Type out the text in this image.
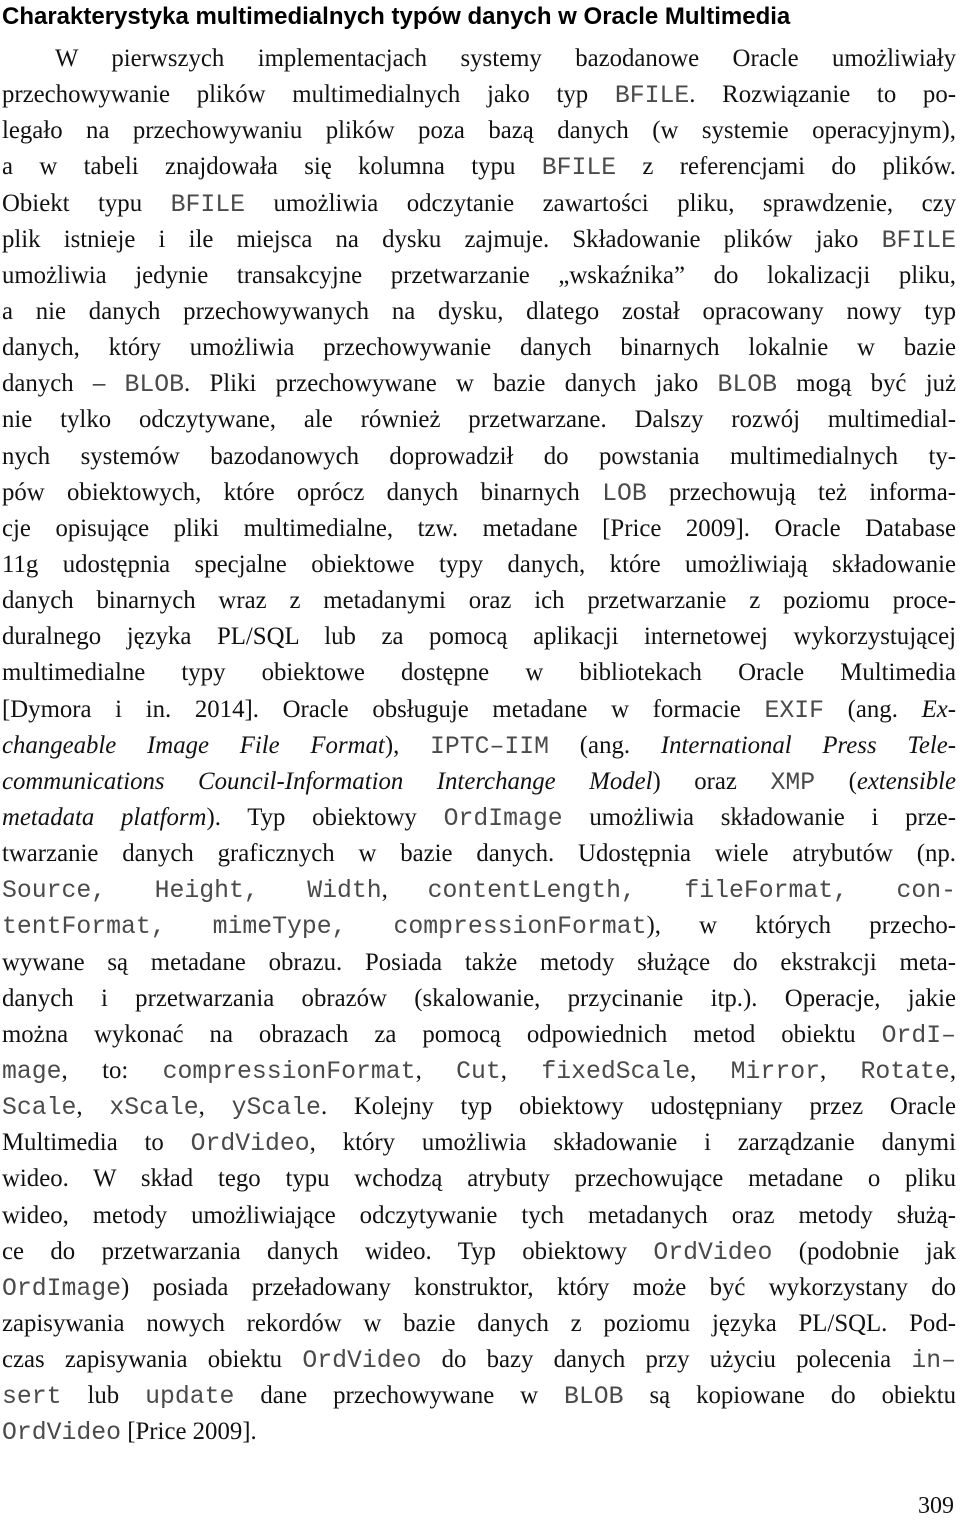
Charakterystyka multimedialnych typów danych w Oracle Multimedia
W pierwszych implementacjach systemy bazodanowe Oracle umożliwiały
przechowywanie plików multimedialnych jako typ BFILE. Rozwiązanie to po-
legało na przechowywaniu plików poza bazą danych (w systemie operacyjnym),
a w tabeli znajdowała się kolumna typu BFILE z referencjami do plików.
Obiekt typu BFILE umożliwia odczytanie zawartości pliku, sprawdzenie, czy
plik istnieje i ile miejsca na dysku zajmuje. Składowanie plików jako BFILE
umożliwia jedynie transakcyjne przetwarzanie „wskaźnika” do lokalizacji pliku,
a nie danych przechowywanych na dysku, dlatego został opracowany nowy typ
danych, który umożliwia przechowywanie danych binarnych lokalnie w bazie
danych – BLOB. Pliki przechowywane w bazie danych jako BLOB mogą być już
nie tylko odczytywane, ale również przetwarzane. Dalszy rozwój multimedial-
nych systemów bazodanowych doprowadził do powstania multimedialnych ty-
pów obiektowych, które oprócz danych binarnych LOB przechowują też informa-
cje opisujące pliki multimedialne, tzw. metadane [Price 2009]. Oracle Database
11g udostępnia specjalne obiektowe typy danych, które umożliwiają składowanie
danych binarnych wraz z metadanymi oraz ich przetwarzanie z poziomu proce-
duralnego języka PL/SQL lub za pomocą aplikacji internetowej wykorzystującej
multimedialne typy obiektowe dostępne w bibliotekach Oracle Multimedia
[Dymora i in. 2014]. Oracle obsługuje metadane w formacie EXIF (ang. Ex-
changeable Image File Format), IPTC–IIM (ang. International Press Tele-
communications Council-Information Interchange Model) oraz XMP (extensible
metadata platform). Typ obiektowy OrdImage umożliwia składowanie i prze-
twarzanie danych graficznych w bazie danych. Udostępnia wiele atrybutów (np.
Source, Height, Width, contentLength, fileFormat, con-
tentFormat, mimeType, compressionFormat), w których przecho-
wywane są metadane obrazu. Posiada także metody służące do ekstrakcji meta-
danych i przetwarzania obrazów (skalowanie, przycinanie itp.). Operacje, jakie
można wykonać na obrazach za pomocą odpowiednich metod obiektu OrdI–
mage, to: compressionFormat, Cut, fixedScale, Mirror, Rotate,
Scale, xScale, yScale. Kolejny typ obiektowy udostępniany przez Oracle
Multimedia to OrdVideo, który umożliwia składowanie i zarządzanie danymi
wideo. W skład tego typu wchodzą atrybuty przechowujące metadane o pliku
wideo, metody umożliwiające odczytywanie tych metadanych oraz metody służą-
ce do przetwarzania danych wideo. Typ obiektowy OrdVideo (podobnie jak
OrdImage) posiada przeładowany konstruktor, który może być wykorzystany do
zapisywania nowych rekordów w bazie danych z poziomu języka PL/SQL. Pod-
czas zapisywania obiektu OrdVideo do bazy danych przy użyciu polecenia in–
sert lub update dane przechowywane w BLOB są kopiowane do obiektu
OrdVideo [Price 2009].

309
